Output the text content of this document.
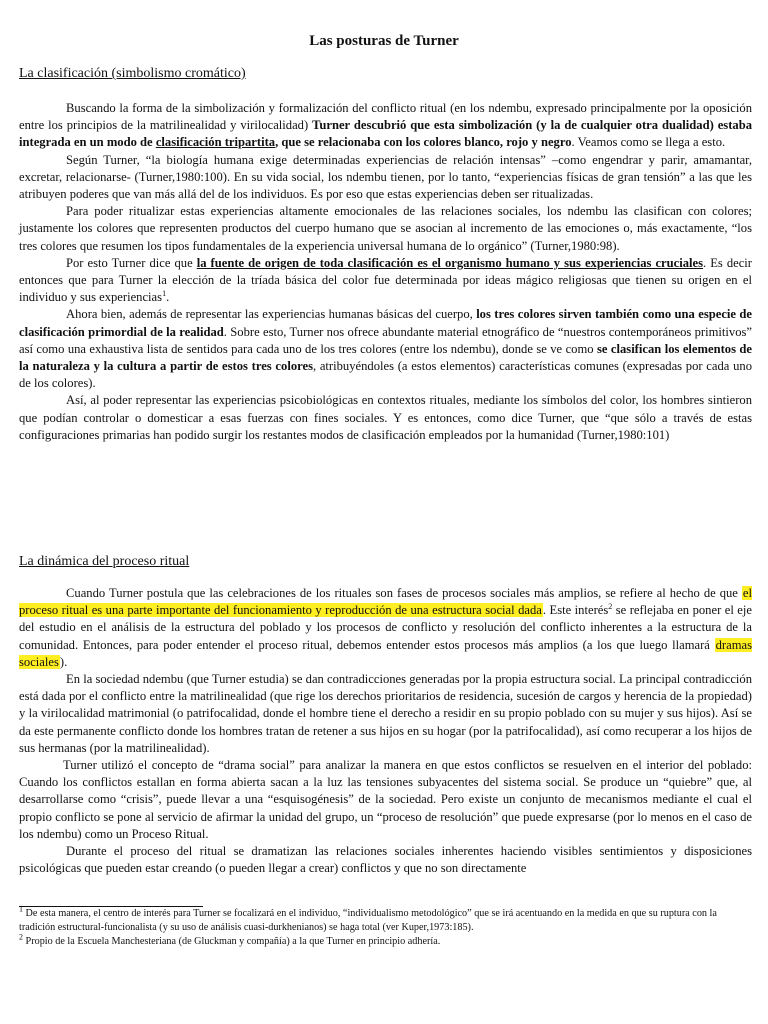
Las posturas de Turner
La clasificación (simbolismo cromático)

Buscando la forma de la simbolización y formalización del conflicto ritual (en los ndembu, expresado principalmente por la oposición entre los principios de la matrilinealidad y virilocalidad) Turner descubrió que esta simbolización (y la de cualquier otra dualidad) estaba integrada en un modo de clasificación tripartita, que se relacionaba con los colores blanco, rojo y negro. Veamos como se llega a esto.

Según Turner, “la biología humana exige determinadas experiencias de relación intensas” –como engendrar y parir, amamantar, excretar, relacionarse- (Turner,1980:100). En su vida social, los ndembu tienen, por lo tanto, “experiencias físicas de gran tensión” a las que les atribuyen poderes que van más allá del de los individuos. Es por eso que estas experiencias deben ser ritualizadas.

Para poder ritualizar estas experiencias altamente emocionales de las relaciones sociales, los ndembu las clasifican con colores; justamente los colores que representen productos del cuerpo humano que se asocian al incremento de las emociones o, más exactamente, “los tres colores que resumen los tipos fundamentales de la experiencia universal humana de lo orgánico” (Turner,1980:98).

Por esto Turner dice que la fuente de origen de toda clasificación es el organismo humano y sus experiencias cruciales. Es decir entonces que para Turner la elección de la tríada básica del color fue determinada por ideas mágico religiosas que tienen su origen en el individuo y sus experiencias$^1$.

Ahora bien, además de representar las experiencias humanas básicas del cuerpo, los tres colores sirven también como una especie de clasificación primordial de la realidad. Sobre esto, Turner nos ofrece abundante material etnográfico de “nuestros contemporáneos primitivos” así como una exhaustiva lista de sentidos para cada uno de los tres colores (entre los ndembu), donde se ve como se clasifican los elementos de la naturaleza y la cultura a partir de estos tres colores, atribuyéndoles (a estos elementos) características comunes (expresadas por cada uno de los colores).

Así, al poder representar las experiencias psicobiológicas en contextos rituales, mediante los símbolos del color, los hombres sintieron que podían controlar o domesticar a esas fuerzas con fines sociales. Y es entonces, como dice Turner, que “que sólo a través de estas configuraciones primarias han podido surgir los restantes modos de clasificación empleados por la humanidad (Turner,1980:101)

La dinámica del proceso ritual

Cuando Turner postula que las celebraciones de los rituales son fases de procesos sociales más amplios, se refiere al hecho de que el proceso ritual es una parte importante del funcionamiento y reproducción de una estructura social dada. Este interés$^2$ se reflejaba en poner el eje del estudio en el análisis de la estructura del poblado y los procesos de conflicto y resolución del conflicto inherentes a la estructura de la comunidad. Entonces, para poder entender el proceso ritual, debemos entender estos procesos más amplios (a los que luego llamará dramas sociales).

En la sociedad ndembu (que Turner estudia) se dan contradicciones generadas por la propia estructura social. La principal contradicción está dada por el conflicto entre la matrilinealidad (que rige los derechos prioritarios de residencia, sucesión de cargos y herencia de la propiedad) y la virilocalidad matrimonial (o patrifocalidad, donde el hombre tiene el derecho a residir en su propio poblado con su mujer y sus hijos). Así se da este permanente conflicto donde los hombres tratan de retener a sus hijos en su hogar (por la patrifocalidad), así como recuperar a los hijos de sus hermanas (por la matrilinealidad).

Turner utilizó el concepto de “drama social” para analizar la manera en que estos conflictos se resuelven en el interior del poblado: Cuando los conflictos estallan en forma abierta sacan a la luz las tensiones subyacentes del sistema social. Se produce un “quiebre” que, al desarrollarse como “crisis”, puede llevar a una “esquisogénesis” de la sociedad. Pero existe un conjunto de mecanismos mediante el cual el propio conflicto se pone al servicio de afirmar la unidad del grupo, un “proceso de resolución” que puede expresarse (por lo menos en el caso de los ndembu) como un Proceso Ritual.

Durante el proceso del ritual se dramatizan las relaciones sociales inherentes haciendo visibles sentimientos y disposiciones psicológicas que pueden estar creando (o pueden llegar a crear) conflictos y que no son directamente

$^1$ De esta manera, el centro de interés para Turner se focalizará en el individuo, “individualismo metodológico” que se irá acentuando en la medida en que su ruptura con la tradición estructural-funcionalista (y su uso de análisis cuasi-durkhenianos) se haga total (ver Kuper,1973:185).

$^2$ Propio de la Escuela Manchesteriana (de Gluckman y compañía) a la que Turner en principio adhería.
